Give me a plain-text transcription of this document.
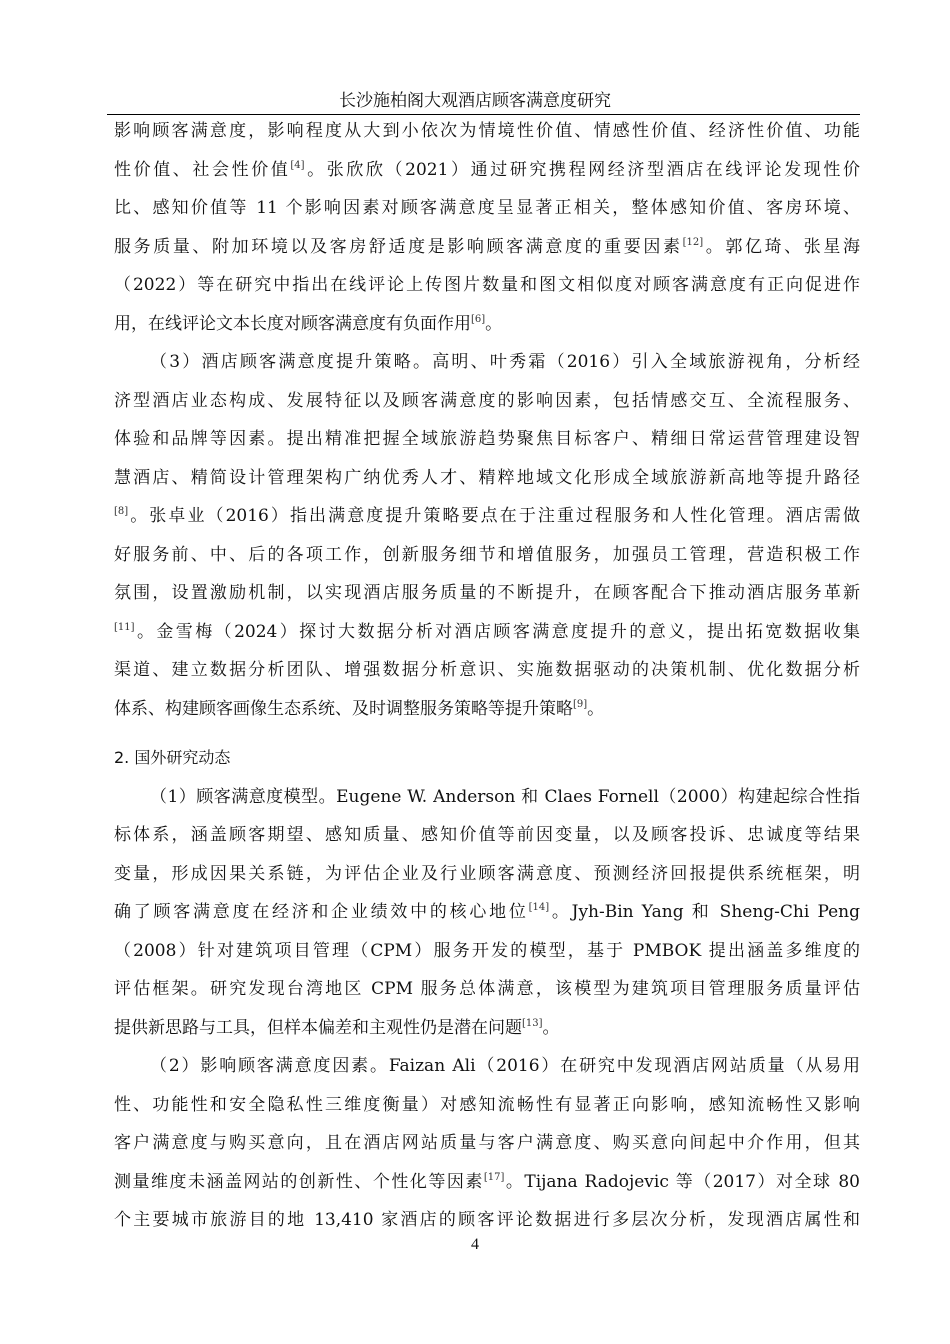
长沙施柏阁大观酒店顾客满意度研究
影响顾客满意度，影响程度从大到小依次为情境性价值、情感性价值、经济性价值、功能
性价值、社会性价值[4]。张欣欣（2021）通过研究携程网经济型酒店在线评论发现性价
比、感知价值等 11 个影响因素对顾客满意度呈显著正相关，整体感知价值、客房环境、
服务质量、附加环境以及客房舒适度是影响顾客满意度的重要因素[12]。郭亿琦、张星海
（2022）等在研究中指出在线评论上传图片数量和图文相似度对顾客满意度有正向促进作
用，在线评论文本长度对顾客满意度有负面作用[6]。
（3）酒店顾客满意度提升策略。高明、叶秀霜（2016）引入全域旅游视角，分析经
济型酒店业态构成、发展特征以及顾客满意度的影响因素，包括情感交互、全流程服务、
体验和品牌等因素。提出精准把握全域旅游趋势聚焦目标客户、精细日常运营管理建设智
慧酒店、精简设计管理架构广纳优秀人才、精粹地域文化形成全域旅游新高地等提升路径
[8]。张卓业（2016）指出满意度提升策略要点在于注重过程服务和人性化管理。酒店需做
好服务前、中、后的各项工作，创新服务细节和增值服务，加强员工管理，营造积极工作
氛围，设置激励机制，以实现酒店服务质量的不断提升，在顾客配合下推动酒店服务革新
[11]。金雪梅（2024）探讨大数据分析对酒店顾客满意度提升的意义，提出拓宽数据收集
渠道、建立数据分析团队、增强数据分析意识、实施数据驱动的决策机制、优化数据分析
体系、构建顾客画像生态系统、及时调整服务策略等提升策略[9]。
2. 国外研究动态
（1）顾客满意度模型。Eugene W. Anderson 和 Claes Fornell（2000）构建起综合性指
标体系，涵盖顾客期望、感知质量、感知价值等前因变量，以及顾客投诉、忠诚度等结果
变量，形成因果关系链，为评估企业及行业顾客满意度、预测经济回报提供系统框架，明
确了顾客满意度在经济和企业绩效中的核心地位[14]。Jyh-Bin Yang 和 Sheng-Chi Peng
（2008）针对建筑项目管理（CPM）服务开发的模型，基于 PMBOK 提出涵盖多维度的
评估框架。研究发现台湾地区 CPM 服务总体满意，该模型为建筑项目管理服务质量评估
提供新思路与工具，但样本偏差和主观性仍是潜在问题[13]。
（2）影响顾客满意度因素。Faizan Ali（2016）在研究中发现酒店网站质量（从易用
性、功能性和安全隐私性三维度衡量）对感知流畅性有显著正向影响，感知流畅性又影响
客户满意度与购买意向，且在酒店网站质量与客户满意度、购买意向间起中介作用，但其
测量维度未涵盖网站的创新性、个性化等因素[17]。Tijana Radojevic 等（2017）对全球 80
个主要城市旅游目的地 13,410 家酒店的顾客评论数据进行多层次分析，发现酒店属性和
4
